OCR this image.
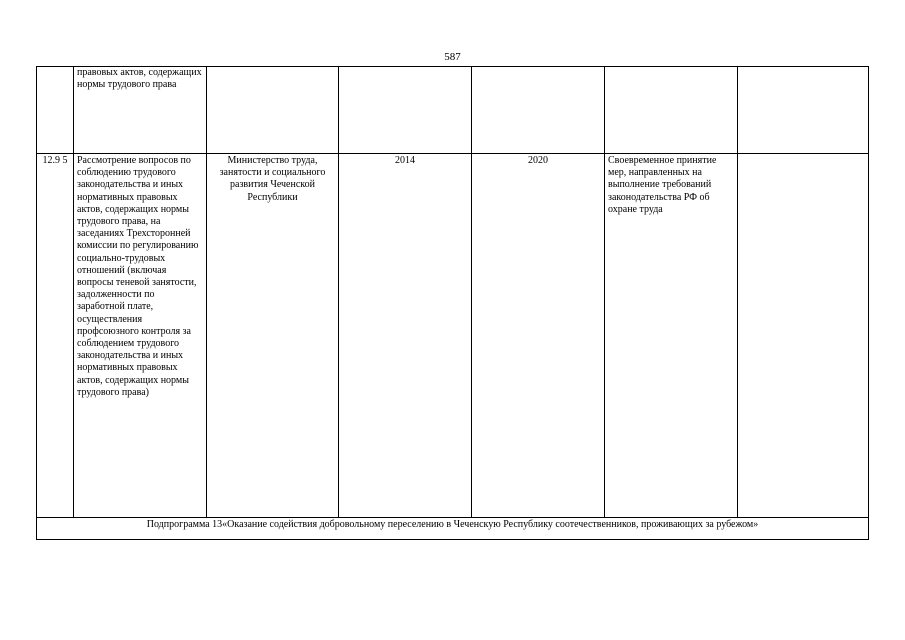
587
	правовых актов, содержащих нормы трудового права					
12.9 5	Рассмотрение вопросов по соблюдению трудового законодательства и иных нормативных правовых актов, содержащих нормы трудового права, на заседаниях Трехсторонней комиссии по регулированию социально-трудовых отношений (включая вопросы теневой занятости, задолженности по заработной плате, осуществления профсоюзного контроля за соблюдением трудового законодательства и иных нормативных правовых актов, содержащих нормы трудового права)	Министерство труда, занятости и социального развития Чеченской Республики	2014	2020	Своевременное принятие мер, направленных на выполнение требований законодательства РФ об охране труда	
Подпрограмма 13«Оказание содействия добровольному переселению в Чеченскую Республику соотечественников, проживающих за рубежом»						
